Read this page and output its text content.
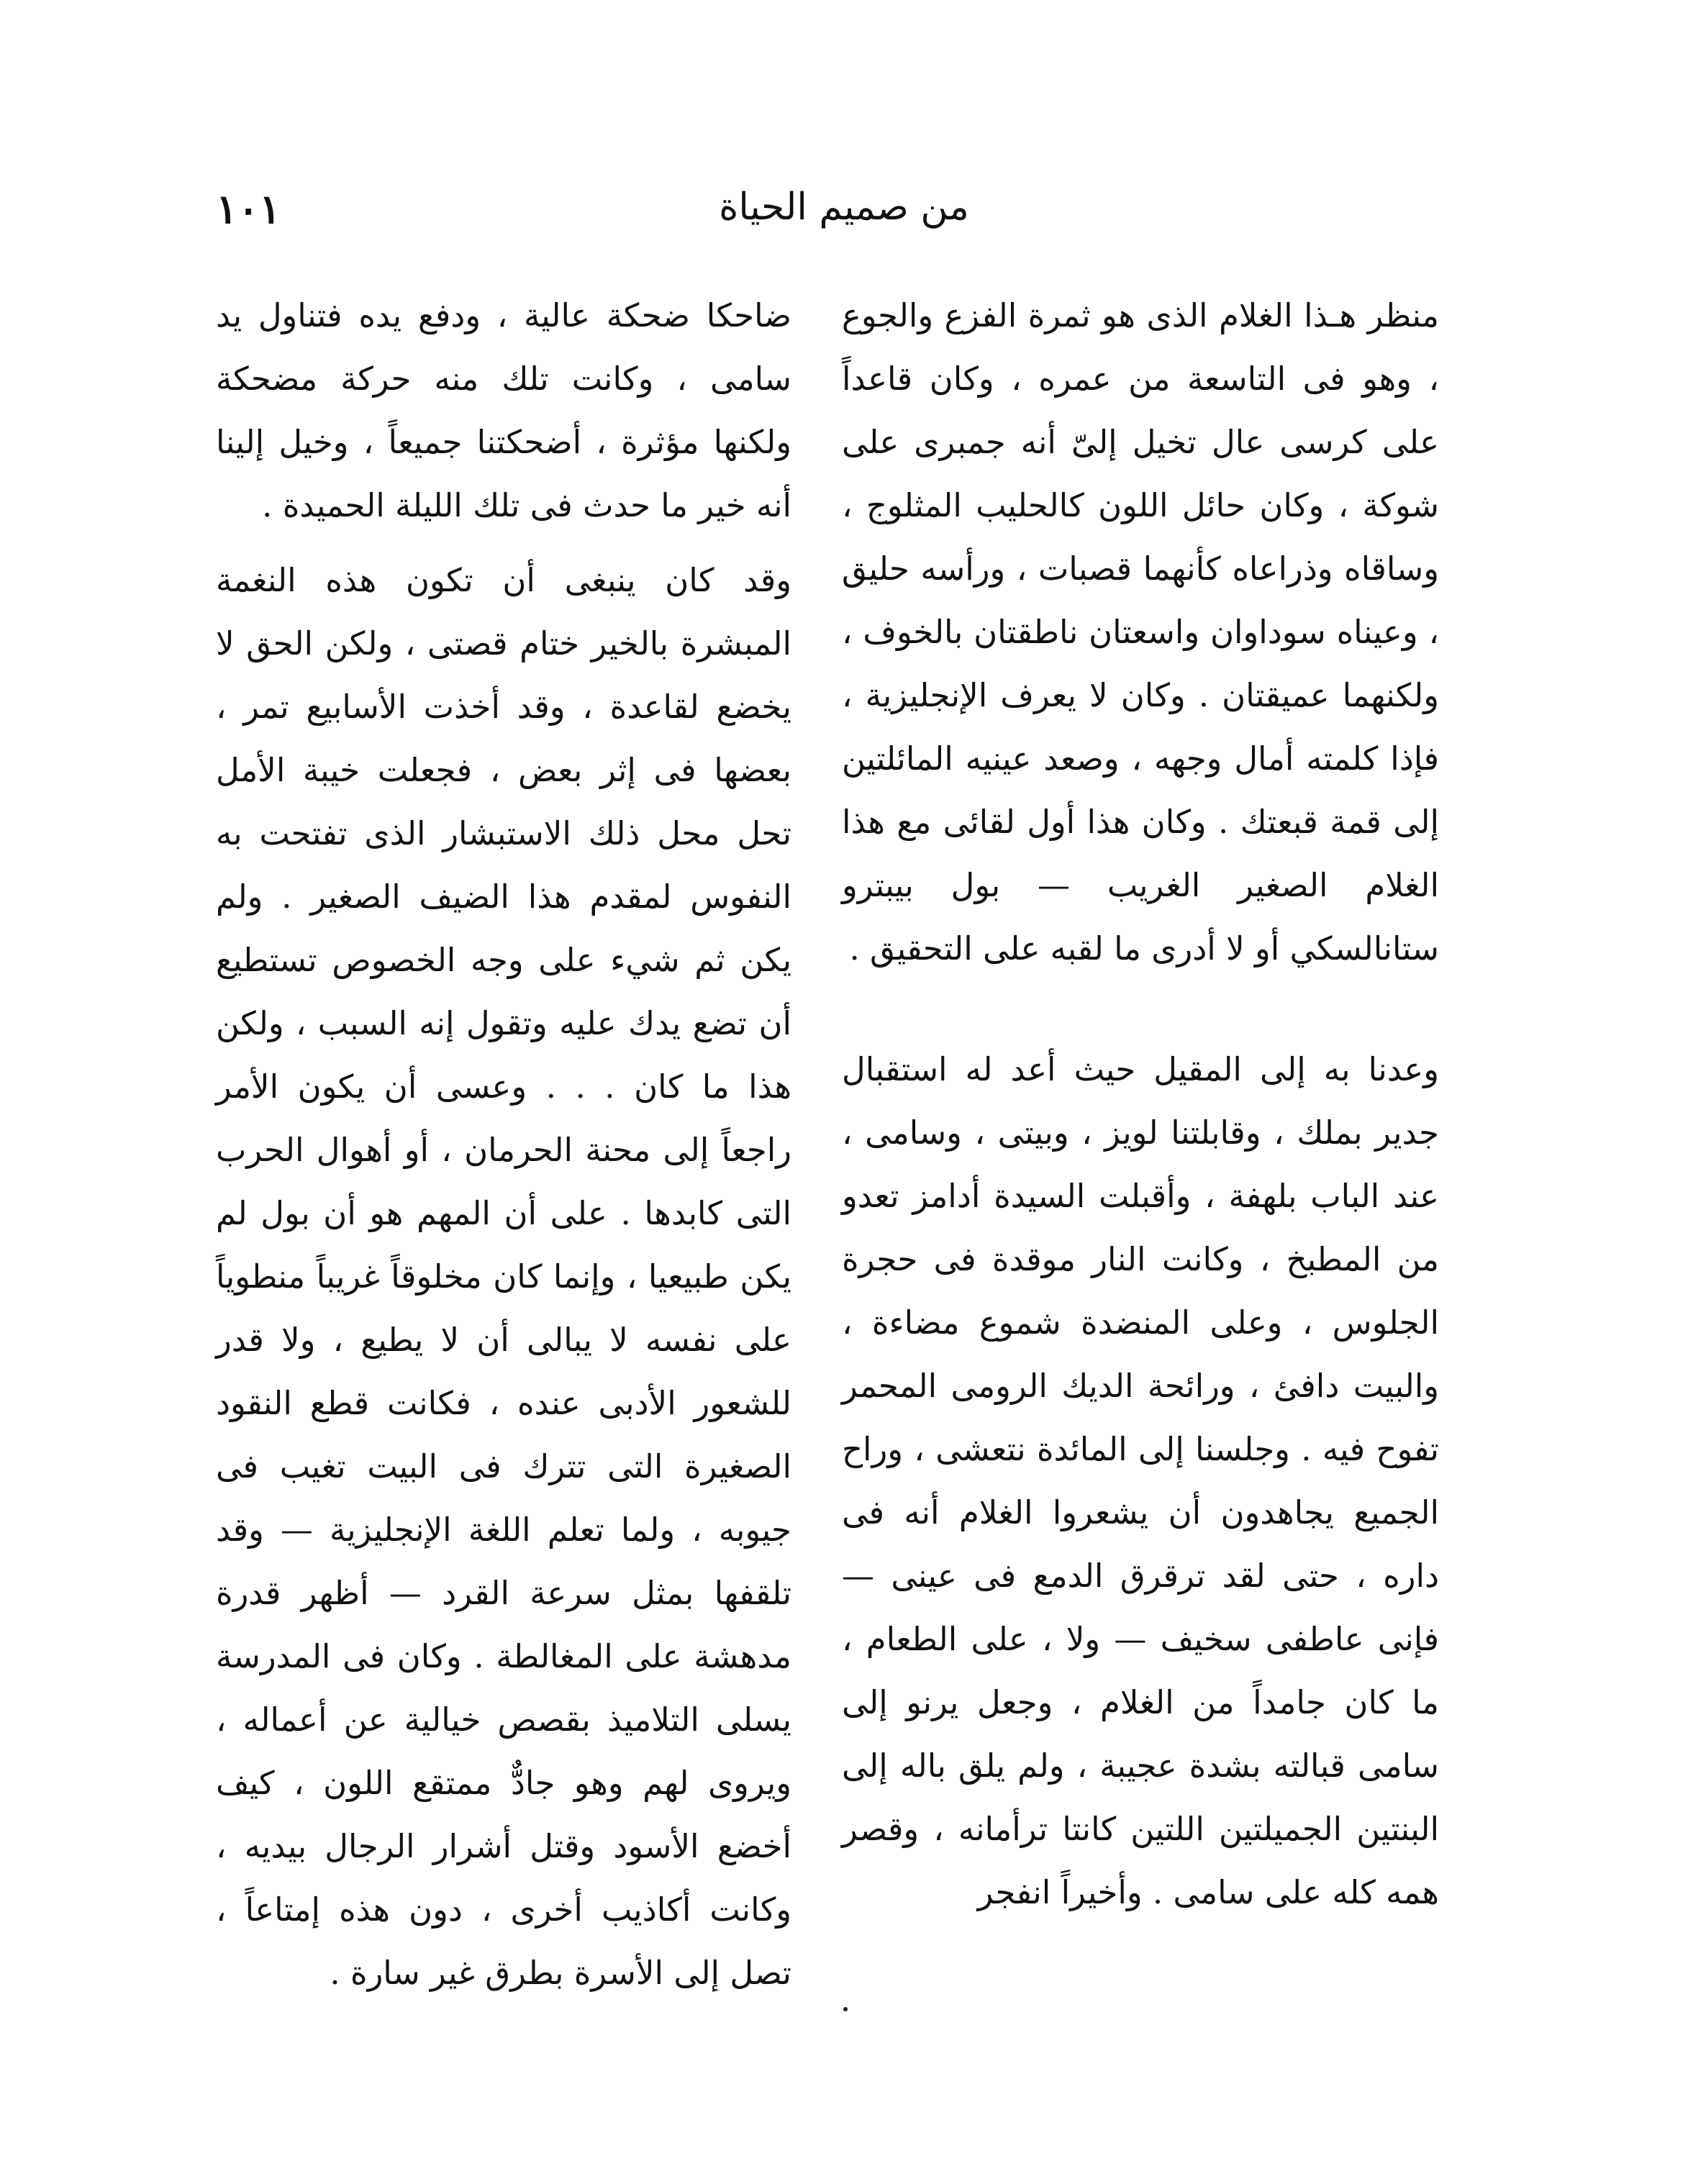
من صميم الحياة
١٠١

منظر هـذا الغلام الذى هو ثمرة الفزع والجوع ، وهو فى التاسعة من عمره ، وكان قاعداً على كرسى عال تخيل إلىّ أنه جمبرى على شوكة ، وكان حائل اللون كالحليب المثلوج ، وساقاه وذراعاه كأنهما قصبات ، ورأسه حليق ، وعيناه سوداوان واسعتان ناطقتان بالخوف ، ولكنهما عميقتان . وكان لا يعرف الإنجليزية ، فإذا كلمته أمال وجهه ، وصعد عينيه المائلتين إلى قمة قبعتك . وكان هذا أول لقائى مع هذا الغلام الصغير الغريب — بول بيبترو ستانالسكي أو لا أدرى ما لقبه على التحقيق .

وعدنا به إلى المقيل حيث أعد له استقبال جدير بملك ، وقابلتنا لويز ، وبيتى ، وسامى ، عند الباب بلهفة ، وأقبلت السيدة أدامز تعدو من المطبخ ، وكانت النار موقدة فى حجرة الجلوس ، وعلى المنضدة شموع مضاءة ، والبيت دافئ ، ورائحة الديك الرومى المحمر تفوح فيه . وجلسنا إلى المائدة نتعشى ، وراح الجميع يجاهدون أن يشعروا الغلام أنه فى داره ، حتى لقد ترقرق الدمع فى عينى — فإنى عاطفى سخيف — ولا ، على الطعام ، ما كان جامداً من الغلام ، وجعل يرنو إلى سامى قبالته بشدة عجيبة ، ولم يلق باله إلى البنتين الجميلتين اللتين كانتا ترأمانه ، وقصر همه كله على سامى . وأخيراً انفجر

ضاحكا ضحكة عالية ، ودفع يده فتناول يد سامى ، وكانت تلك منه حركة مضحكة ولكنها مؤثرة ، أضحكتنا جميعاً ، وخيل إلينا أنه خير ما حدث فى تلك الليلة الحميدة .

وقد كان ينبغى أن تكون هذه النغمة المبشرة بالخير ختام قصتى ، ولكن الحق لا يخضع لقاعدة ، وقد أخذت الأسابيع تمر ، بعضها فى إثر بعض ، فجعلت خيبة الأمل تحل محل ذلك الاستبشار الذى تفتحت به النفوس لمقدم هذا الضيف الصغير . ولم يكن ثم شيء على وجه الخصوص تستطيع أن تضع يدك عليه وتقول إنه السبب ، ولكن هذا ما كان . . . وعسى أن يكون الأمر راجعاً إلى محنة الحرمان ، أو أهوال الحرب التى كابدها . على أن المهم هو أن بول لم يكن طبيعيا ، وإنما كان مخلوقاً غريباً منطوياً على نفسه لا يبالى أن لا يطيع ، ولا قدر للشعور الأدبى عنده ، فكانت قطع النقود الصغيرة التى تترك فى البيت تغيب فى جيوبه ، ولما تعلم اللغة الإنجليزية — وقد تلقفها بمثل سرعة القرد — أظهر قدرة مدهشة على المغالطة . وكان فى المدرسة يسلى التلاميذ بقصص خيالية عن أعماله ، ويروى لهم وهو جادٌّ ممتقع اللون ، كيف أخضع الأسود وقتل أشرار الرجال بيديه ، وكانت أكاذيب أخرى ، دون هذه إمتاعاً ، تصل إلى الأسرة بطرق غير سارة .
